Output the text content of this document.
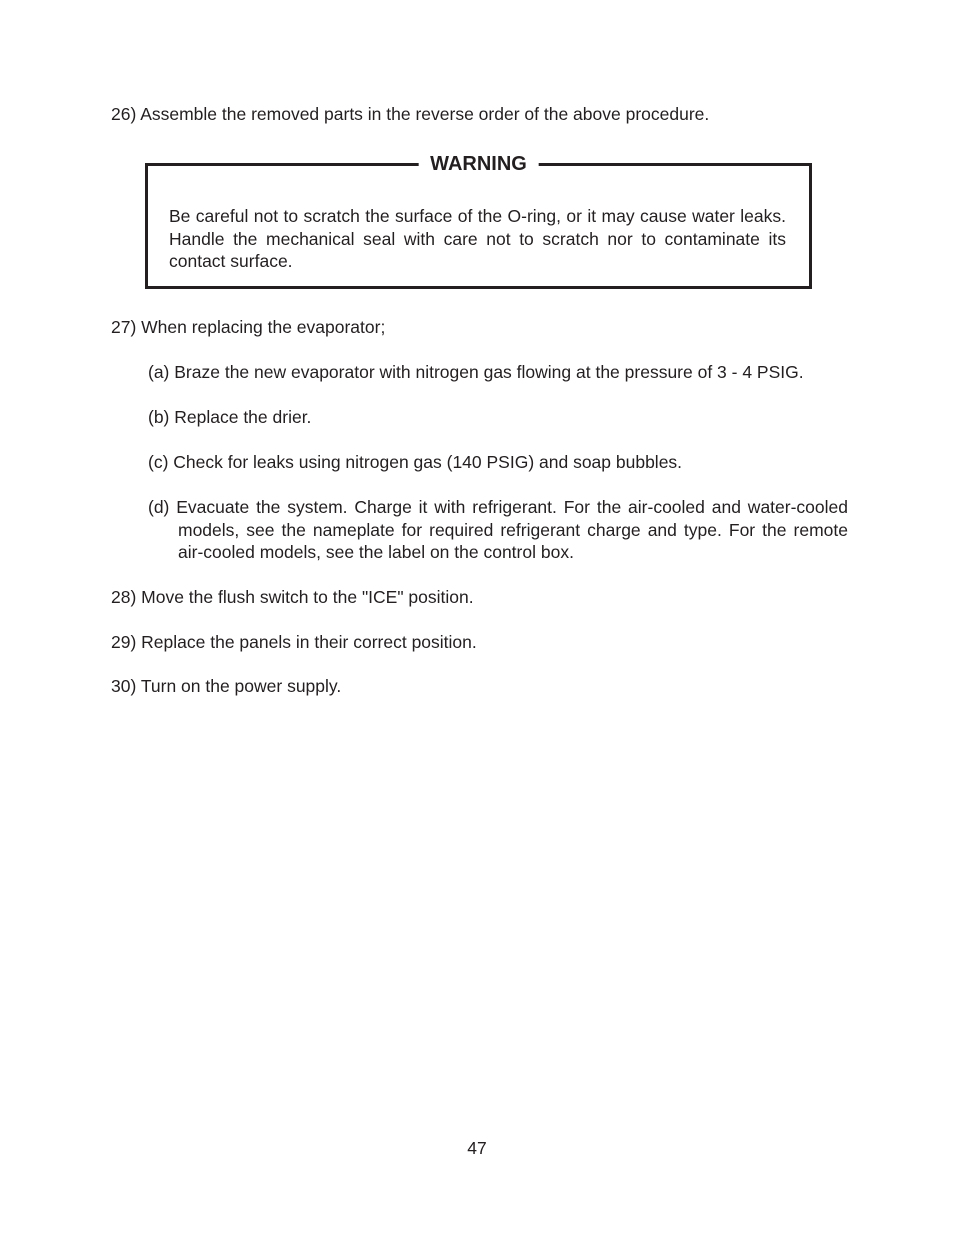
26) Assemble the removed parts in the reverse order of the above procedure.
WARNING
Be careful not to scratch the surface of the O-ring, or it may cause water leaks. Handle the mechanical seal with care not to scratch nor to contaminate its contact surface.
27) When replacing the evaporator;
(a) Braze the new evaporator with nitrogen gas flowing at the pressure of 3 - 4 PSIG.
(b) Replace the drier.
(c) Check for leaks using nitrogen gas (140 PSIG) and soap bubbles.
(d) Evacuate the system. Charge it with refrigerant. For the air-cooled and water-cooled models, see the nameplate for required refrigerant charge and type. For the remote air-cooled models, see the label on the control box.
28) Move the flush switch to the "ICE" position.
29) Replace the panels in their correct position.
30) Turn on the power supply.
47
